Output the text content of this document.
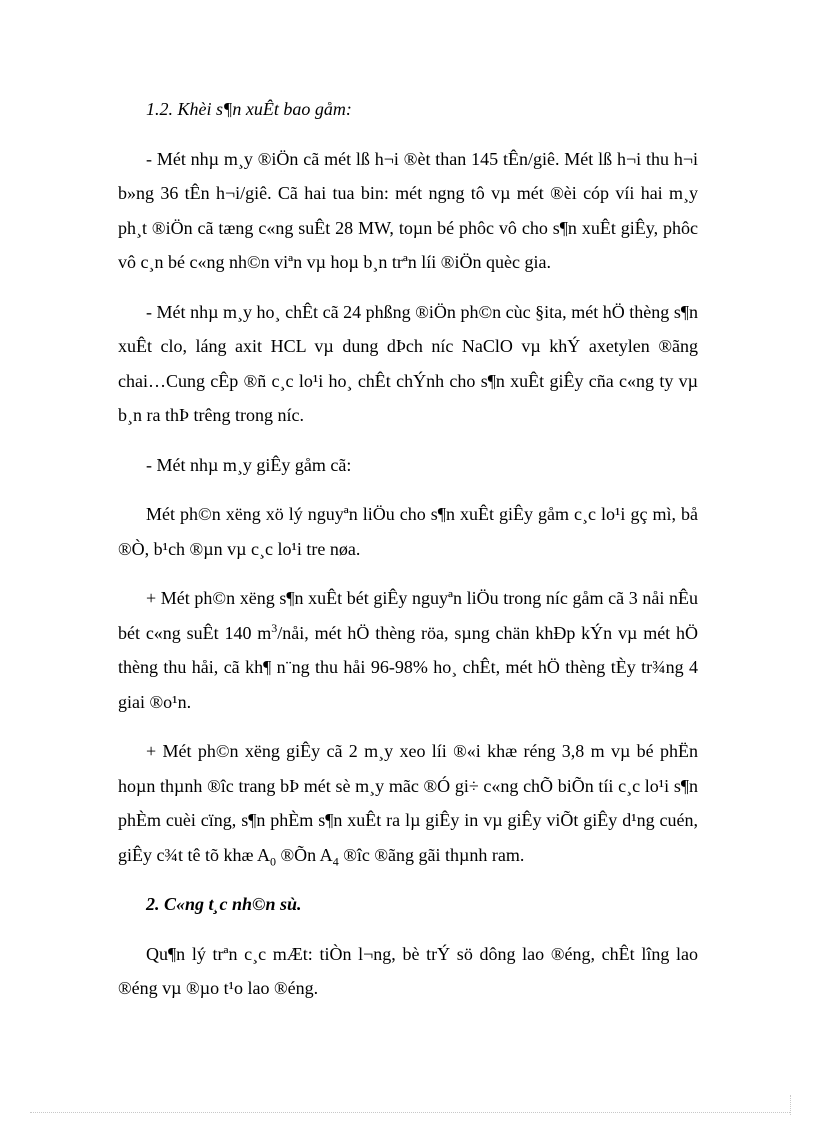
1.2. Khèi s¶n xuÊt bao gåm:

- Mét nhµ m¸y ®iÖn cã mét lß h¬i ®èt than 145 tÊn/giê. Mét lß h¬i thu h¬i b»ng 36 tÊn h¬i/giê. Cã hai tua bin: mét ngng tô vµ mét ®èi cóp víi hai m¸y ph¸t ®iÖn cã tæng c«ng suÊt 28 MW, toµn bé phôc vô cho s¶n xuÊt giÊy, phôc vô c¸n bé c«ng nh©n viªn vµ hoµ b¸n trªn líi ®iÖn quèc gia.

- Mét nhµ m¸y ho¸ chÊt cã 24 phßng ®iÖn ph©n cùc §ita, mét hÖ thèng s¶n xuÊt clo, láng axit HCL vµ dung dÞch níc NaClO vµ khÝ axetylen ®ãng chai…Cung cÊp ®ñ c¸c lo¹i ho¸ chÊt chÝnh cho s¶n xuÊt giÊy cña c«ng ty vµ b¸n ra thÞ trêng trong níc.

- Mét nhµ m¸y giÊy gåm cã:

Mét ph©n xëng xö lý nguyªn liÖu cho s¶n xuÊt giÊy gåm c¸c lo¹i gç mì, bå ®Ò, b¹ch ®µn vµ c¸c lo¹i tre nøa.

+ Mét ph©n xëng s¶n xuÊt bét giÊy nguyªn liÖu trong níc gåm cã 3 nåi nÊu bét c«ng suÊt 140 $m^3$/nåi, mét hÖ thèng röa, sµng chän khÐp kÝn vµ mét hÖ thèng thu håi, cã kh¶ n¨ng thu håi 96-98% ho¸ chÊt, mét hÖ thèng tÈy tr¾ng 4 giai ®o¹n.

+ Mét ph©n xëng giÊy cã 2 m¸y xeo líi ®«i khæ réng 3,8 m vµ bé phËn hoµn thµnh ®îc trang bÞ mét sè m¸y mãc ®Ó gi÷ c«ng chÕ biÕn tíi c¸c lo¹i s¶n phÈm cuèi cïng, s¶n phÈm s¶n xuÊt ra lµ giÊy in vµ giÊy viÕt giÊy d¹ng cuén, giÊy c¾t tê tõ khæ $A_0$ ®Õn $A_4$ ®îc ®ãng gãi thµnh ram.

2. C«ng t¸c nh©n sù.

Qu¶n lý trªn c¸c mÆt: tiÒn l¬ng, bè trÝ sö dông lao ®éng, chÊt lîng lao ®éng vµ ®µo t¹o lao ®éng.
